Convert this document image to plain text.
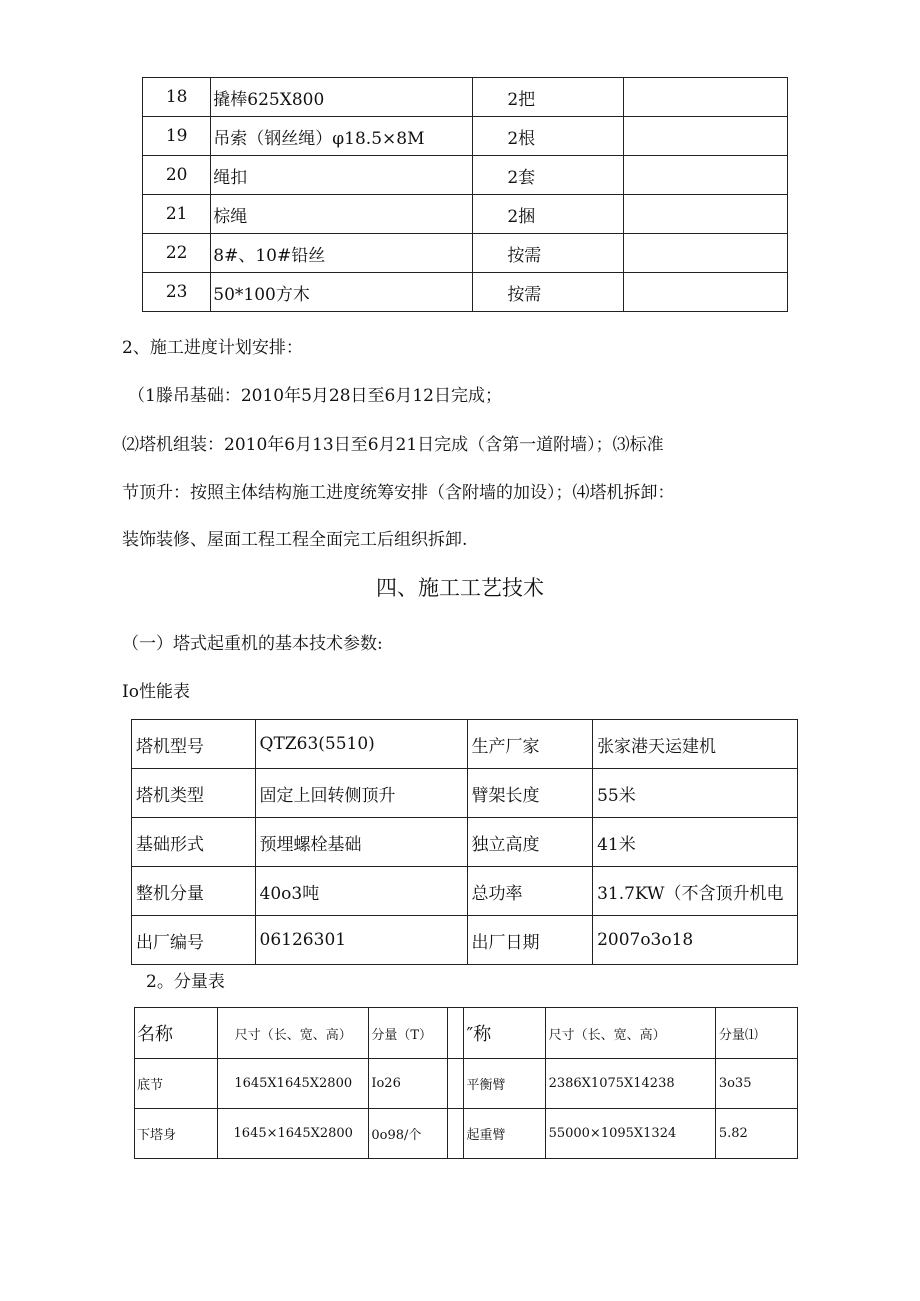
18	撬棒625X800	2把	
19	吊索（钢丝绳）φ18.5×8M	2根	
20	绳扣	2套	
21	棕绳	2捆	
22	8#、10#铅丝	按需	
23	50*100方木	按需	
2、施工进度计划安排：
（1滕吊基础：2010年5月28日至6月12日完成；
⑵塔机组装：2010年6月13日至6月21日完成（含第一道附墙）；⑶标准
节顶升：按照主体结构施工进度统筹安排（含附墙的加设）；⑷塔机拆卸：
装饰装修、屋面工程工程全面完工后组织拆卸.
四、施工工艺技术
（一）塔式起重机的基本技术参数:
Io性能表
塔机型号	QTZ63(5510)	生产厂家	张家港天运建机
塔机类型	固定上回转侧顶升	臂架长度	55米
基础形式	预埋螺栓基础	独立高度	41米
整机分量	40o3吨	总功率	31.7KW（不含顶升机电
出厂编号	06126301	出厂日期	2007o3o18
2。分量表
名称	尺寸（长、宽、高）	分量（T）		″称	尺寸（长、宽、高）	分量⑴
底节	1645X1645X2800	Io26		平衡臂	2386X1075X14238	3o35
下塔身	1645×1645X2800	0o98/个		起重臂	55000×1095X1324	5.82
